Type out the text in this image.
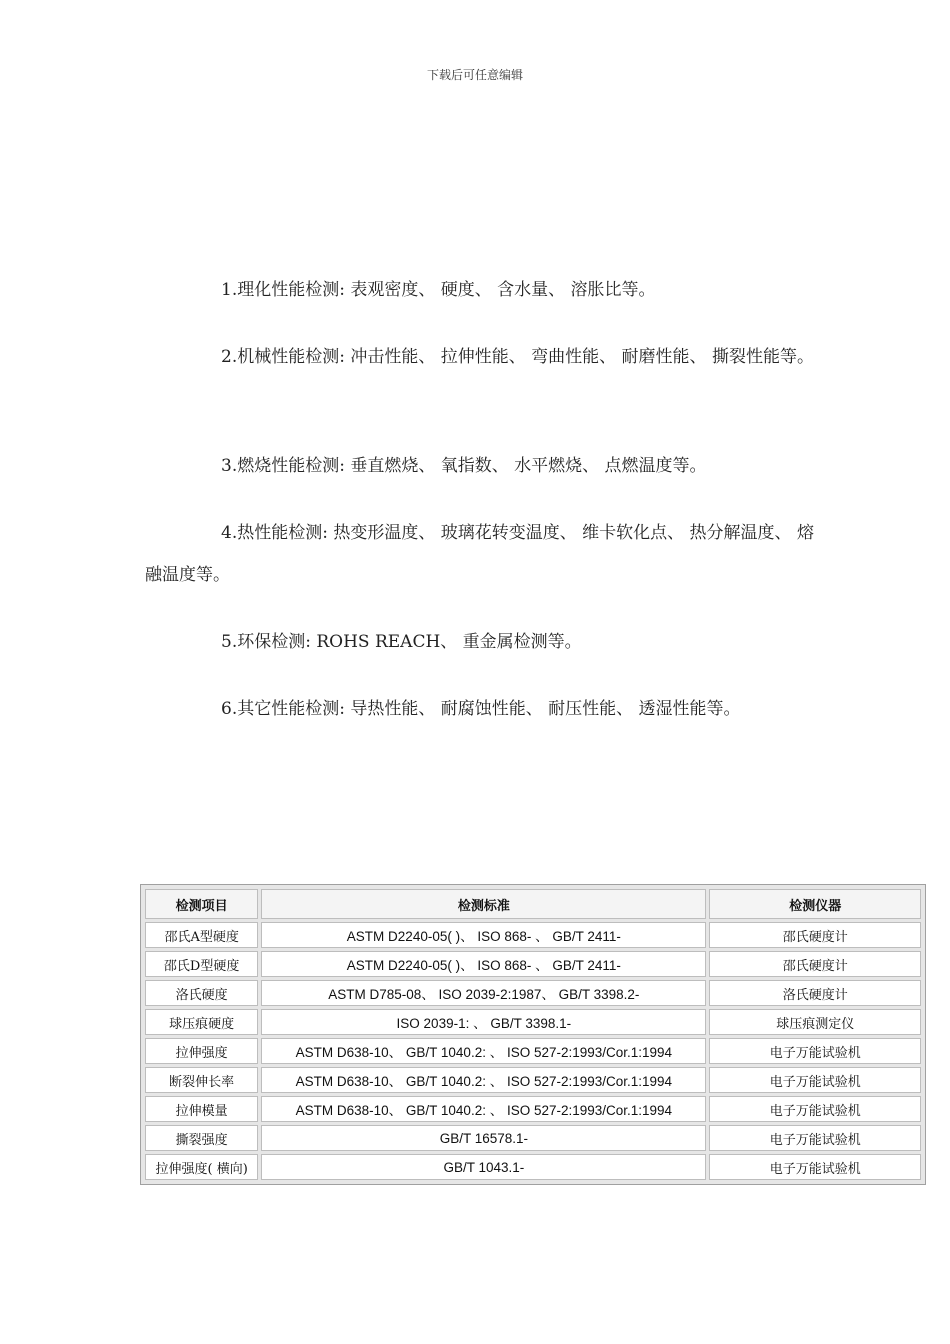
下载后可任意编辑

1.理化性能检测: 表观密度、 硬度、 含水量、 溶胀比等。

2.机械性能检测: 冲击性能、 拉伸性能、 弯曲性能、 耐磨性能、 撕裂性能等。

3.燃烧性能检测: 垂直燃烧、 氧指数、 水平燃烧、 点燃温度等。

4.热性能检测: 热变形温度、 玻璃花转变温度、 维卡软化点、 热分解温度、 熔融温度等。

5.环保检测: ROHS REACH、 重金属检测等。

6.其它性能检测: 导热性能、 耐腐蚀性能、 耐压性能、 透湿性能等。

检测项目	检测标准	检测仪器
邵氏A型硬度	ASTM D2240-05( )、 ISO 868- 、 GB/T 2411-	邵氏硬度计
邵氏D型硬度	ASTM D2240-05( )、 ISO 868- 、 GB/T 2411-	邵氏硬度计
洛氏硬度	ASTM D785-08、 ISO 2039-2:1987、 GB/T 3398.2-	洛氏硬度计
球压痕硬度	ISO 2039-1: 、 GB/T 3398.1-	球压痕测定仪
拉伸强度	ASTM D638-10、 GB/T 1040.2: 、 ISO 527-2:1993/Cor.1:1994	电子万能试验机
断裂伸长率	ASTM D638-10、 GB/T 1040.2: 、 ISO 527-2:1993/Cor.1:1994	电子万能试验机
拉伸模量	ASTM D638-10、 GB/T 1040.2: 、 ISO 527-2:1993/Cor.1:1994	电子万能试验机
撕裂强度	GB/T 16578.1-	电子万能试验机
拉伸强度( 横向)	GB/T 1043.1-	电子万能试验机
